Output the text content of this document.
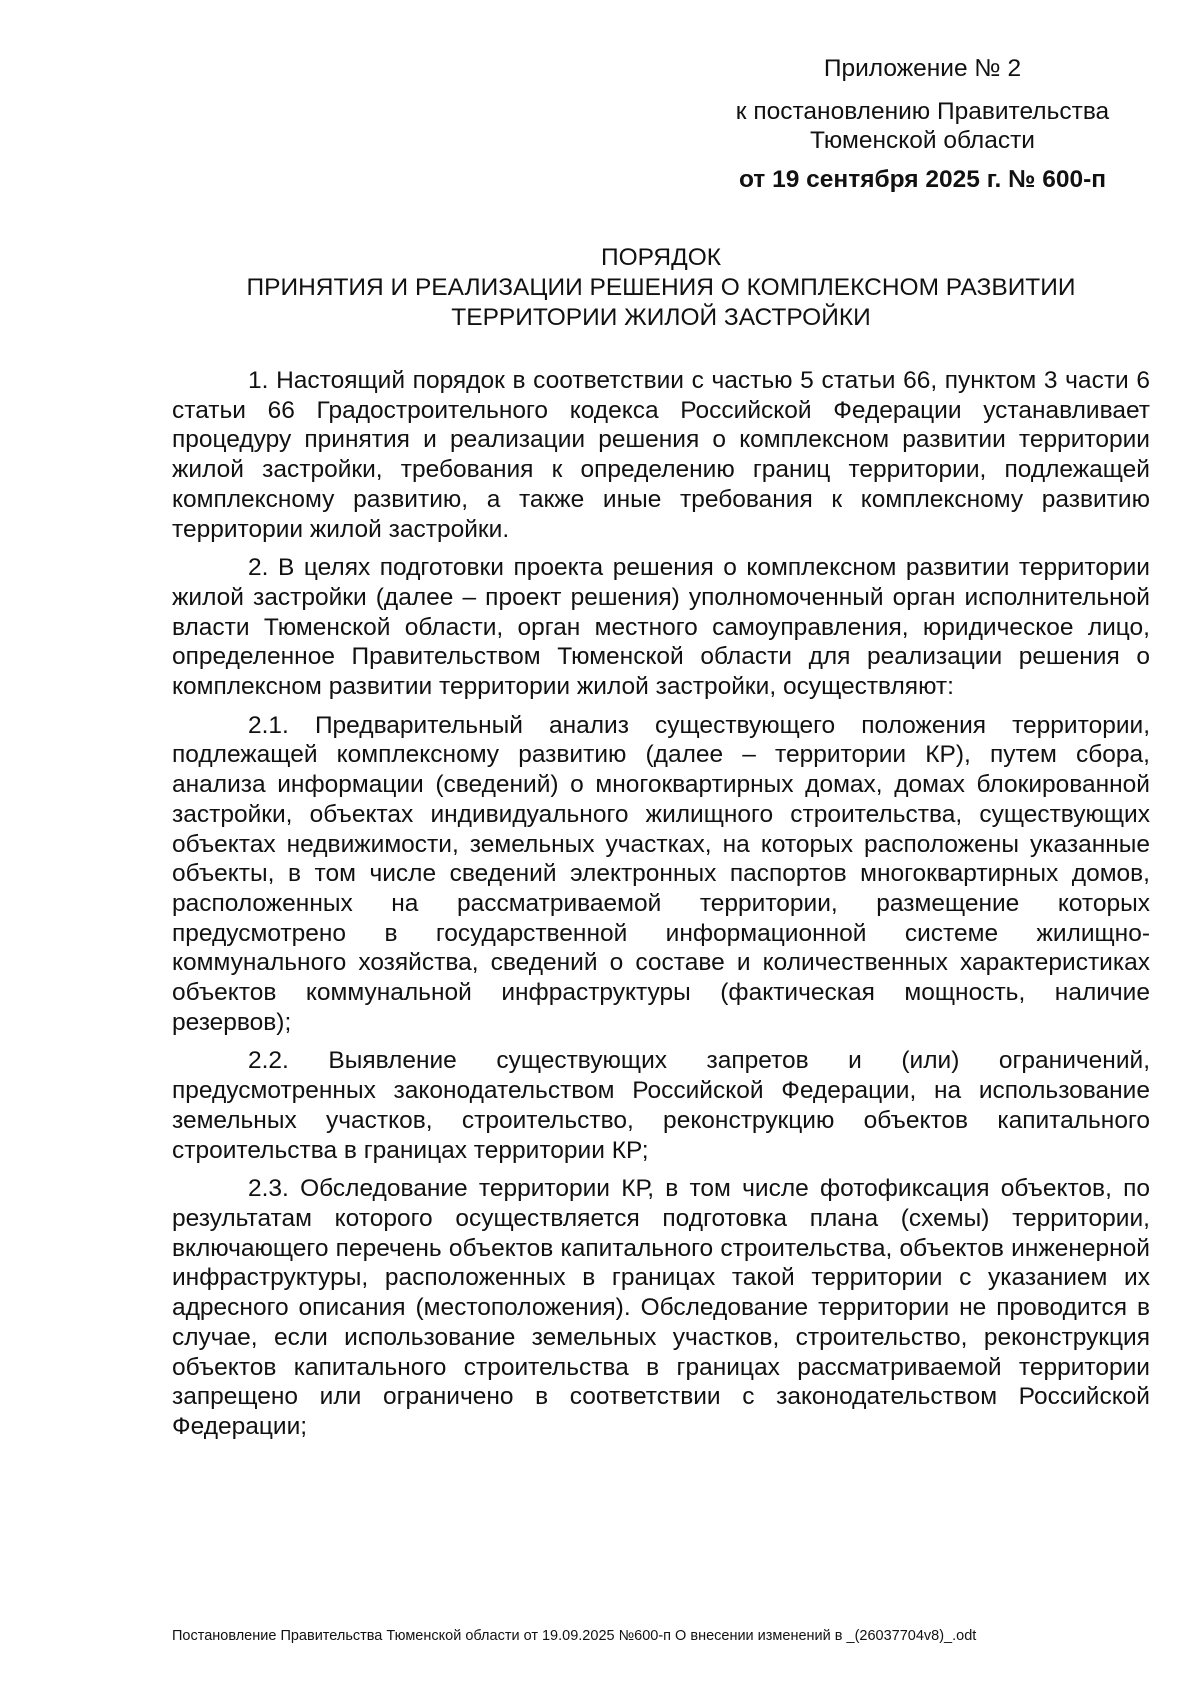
Приложение № 2
к постановлению Правительства Тюменской области
от 19 сентября 2025 г. № 600-п
ПОРЯДОК
ПРИНЯТИЯ И РЕАЛИЗАЦИИ РЕШЕНИЯ О КОМПЛЕКСНОМ РАЗВИТИИ
ТЕРРИТОРИИ ЖИЛОЙ ЗАСТРОЙКИ

1. Настоящий порядок в соответствии с частью 5 статьи 66, пунктом 3 части 6 статьи 66 Градостроительного кодекса Российской Федерации устанавливает процедуру принятия и реализации решения о комплексном развитии территории жилой застройки, требования к определению границ территории, подлежащей комплексному развитию, а также иные требования к комплексному развитию территории жилой застройки.

2. В целях подготовки проекта решения о комплексном развитии территории жилой застройки (далее – проект решения) уполномоченный орган исполнительной власти Тюменской области, орган местного самоуправления, юридическое лицо, определенное Правительством Тюменской области для реализации решения о комплексном развитии территории жилой застройки, осуществляют:

2.1. Предварительный анализ существующего положения территории, подлежащей комплексному развитию (далее – территории КР), путем сбора, анализа информации (сведений) о многоквартирных домах, домах блокированной застройки, объектах индивидуального жилищного строительства, существующих объектах недвижимости, земельных участках, на которых расположены указанные объекты, в том числе сведений электронных паспортов многоквартирных домов, расположенных на рассматриваемой территории, размещение которых предусмотрено в государственной информационной системе жилищно-коммунального хозяйства, сведений о составе и количественных характеристиках объектов коммунальной инфраструктуры (фактическая мощность, наличие резервов);

2.2. Выявление существующих запретов и (или) ограничений, предусмотренных законодательством Российской Федерации, на использование земельных участков, строительство, реконструкцию объектов капитального строительства в границах территории КР;

2.3. Обследование территории КР, в том числе фотофиксация объектов, по результатам которого осуществляется подготовка плана (схемы) территории, включающего перечень объектов капитального строительства, объектов инженерной инфраструктуры, расположенных в границах такой территории с указанием их адресного описания (местоположения). Обследование территории не проводится в случае, если использование земельных участков, строительство, реконструкция объектов капитального строительства в границах рассматриваемой территории запрещено или ограничено в соответствии с законодательством Российской Федерации;

Постановление Правительства Тюменской области от 19.09.2025 №600-п О внесении изменений в _(26037704v8)_.odt
